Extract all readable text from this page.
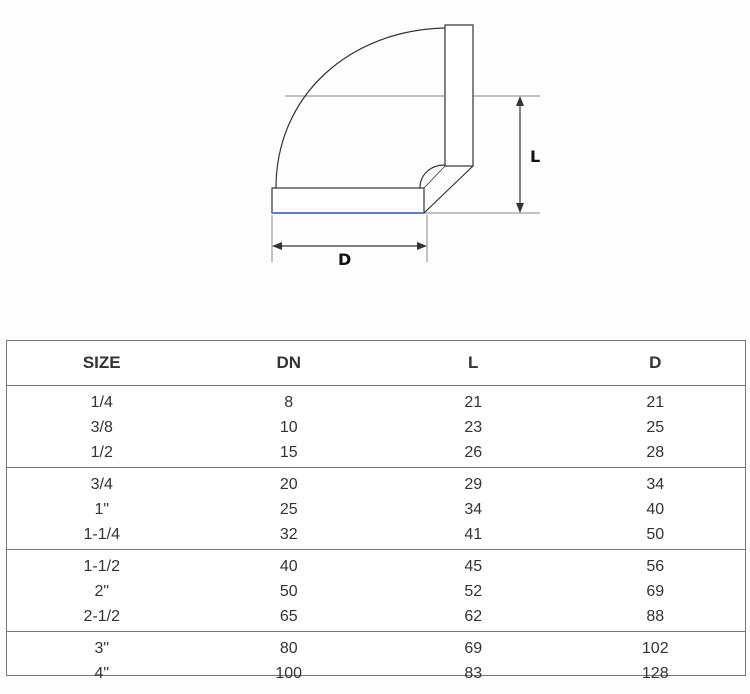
L
D
SIZE	DN	L	D
1/4	8	21	21
3/8	10	23	25
1/2	15	26	28
3/4	20	29	34
1"	25	34	40
1-1/4	32	41	50
1-1/2	40	45	56
2"	50	52	69
2-1/2	65	62	88
3"	80	69	102
4"	100	83	128
